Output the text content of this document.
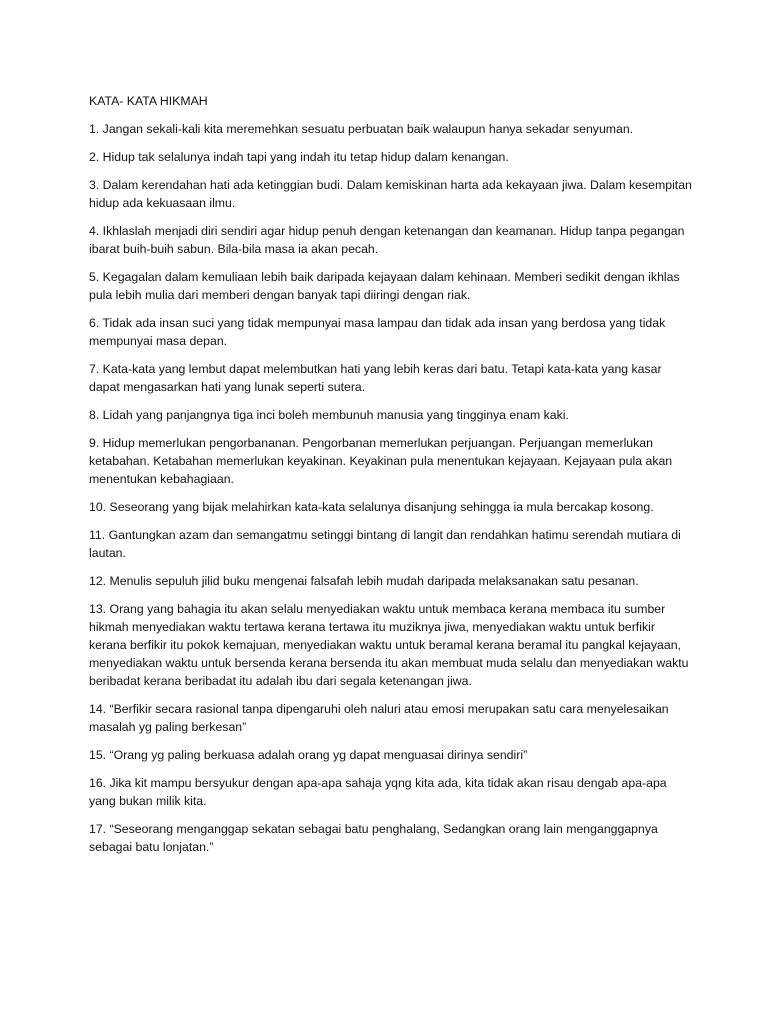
KATA- KATA HIKMAH

1. Jangan sekali-kali kita meremehkan sesuatu perbuatan baik walaupun hanya sekadar senyuman.
2. Hidup tak selalunya indah tapi yang indah itu tetap hidup dalam kenangan.
3. Dalam kerendahan hati ada ketinggian budi. Dalam kemiskinan harta ada kekayaan jiwa. Dalam kesempitan hidup ada kekuasaan ilmu.
4. Ikhlaslah menjadi diri sendiri agar hidup penuh dengan ketenangan dan keamanan. Hidup tanpa pegangan ibarat buih-buih sabun. Bila-bila masa ia akan pecah.
5. Kegagalan dalam kemuliaan lebih baik daripada kejayaan dalam kehinaan. Memberi sedikit dengan ikhlas pula lebih mulia dari memberi dengan banyak tapi diiringi dengan riak.
6. Tidak ada insan suci yang tidak mempunyai masa lampau dan tidak ada insan yang berdosa yang tidak mempunyai masa depan.
7. Kata-kata yang lembut dapat melembutkan hati yang lebih keras dari batu. Tetapi kata-kata yang kasar dapat mengasarkan hati yang lunak seperti sutera.
8. Lidah yang panjangnya tiga inci boleh membunuh manusia yang tingginya enam kaki.
9. Hidup memerlukan pengorbananan. Pengorbanan memerlukan perjuangan. Perjuangan memerlukan ketabahan. Ketabahan memerlukan keyakinan. Keyakinan pula menentukan kejayaan. Kejayaan pula akan menentukan kebahagiaan.
10. Seseorang yang bijak melahirkan kata-kata selalunya disanjung sehingga ia mula bercakap kosong.
11. Gantungkan azam dan semangatmu setinggi bintang di langit dan rendahkan hatimu serendah mutiara di lautan.
12. Menulis sepuluh jilid buku mengenai falsafah lebih mudah daripada melaksanakan satu pesanan.
13. Orang yang bahagia itu akan selalu menyediakan waktu untuk membaca kerana membaca itu sumber hikmah menyediakan waktu tertawa kerana tertawa itu muziknya jiwa, menyediakan waktu untuk berfikir kerana berfikir itu pokok kemajuan, menyediakan waktu untuk beramal kerana beramal itu pangkal kejayaan, menyediakan waktu untuk bersenda kerana bersenda itu akan membuat muda selalu dan menyediakan waktu beribadat kerana beribadat itu adalah ibu dari segala ketenangan jiwa.
14. “Berfikir secara rasional tanpa dipengaruhi oleh naluri atau emosi merupakan satu cara menyelesaikan masalah yg paling berkesan”
15. “Orang yg paling berkuasa adalah orang yg dapat menguasai dirinya sendiri”
16. Jika kit mampu bersyukur dengan apa-apa sahaja yqng kita ada, kita tidak akan risau dengab apa-apa yang bukan milik kita.
17. “Seseorang menganggap sekatan sebagai batu penghalang, Sedangkan orang lain menganggapnya sebagai batu lonjatan.”
